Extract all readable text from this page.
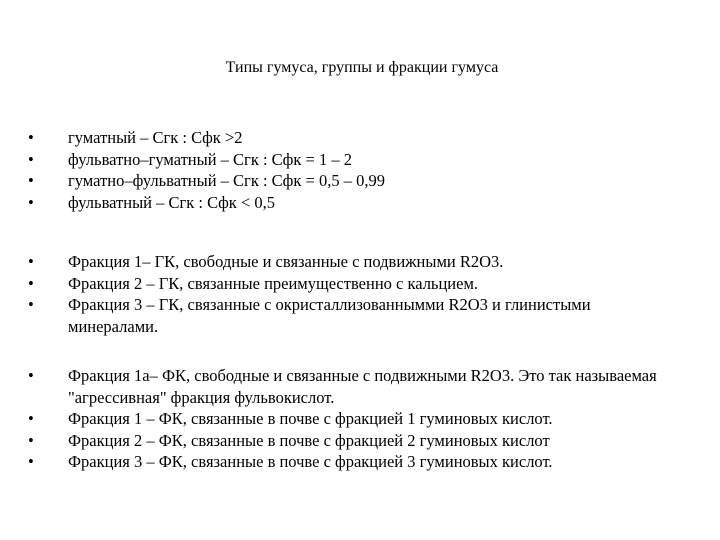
Типы гумуса, группы и фракции гумуса
•	гуматный – Сгк : Сфк >2
•	фульватно–гуматный – Сгк : Сфк = 1 – 2
•	гуматно–фульватный – Сгк : Сфк = 0,5 – 0,99
•	фульватный – Сгк : Сфк < 0,5
•	Фракция 1– ГК, свободные и связанные с подвижными R2O3.
•	Фракция 2 – ГК, связанные преимущественно с кальцием.
•	Фракция 3 – ГК, связанные с окристаллизованнымми R2O3 и глинистыми минералами.
•	Фракция 1а– ФК, свободные и связанные с подвижными R2O3. Это так называемая "агрессивная" фракция фульвокислот.
•	Фракция 1 – ФК, связанные в почве с фракцией 1 гуминовых кислот.
•	Фракция 2 – ФК, связанные в почве с фракцией 2 гуминовых кислот
•	Фракция 3 – ФК, связанные в почве с фракцией 3 гуминовых кислот.
